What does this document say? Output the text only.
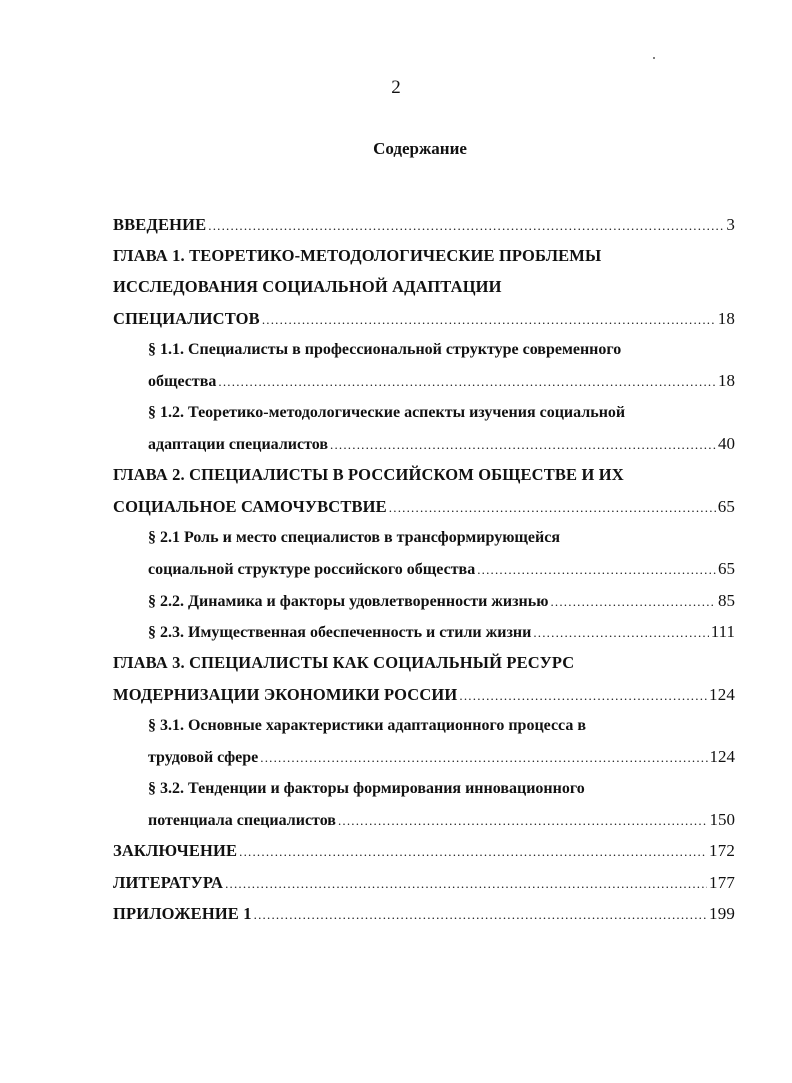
2
Содержание
ВВЕДЕНИЕ .....	3
ГЛАВА 1. ТЕОРЕТИКО-МЕТОДОЛОГИЧЕСКИЕ ПРОБЛЕМЫ
ИССЛЕДОВАНИЯ СОЦИАЛЬНОЙ АДАПТАЦИИ
СПЕЦИАЛИСТОВ .....	18
§ 1.1. Специалисты в профессиональной структуре современного
общества .....	18
§ 1.2. Теоретико-методологические аспекты изучения социальной
адаптации специалистов .....	40
ГЛАВА 2. СПЕЦИАЛИСТЫ В РОССИЙСКОМ ОБЩЕСТВЕ И ИХ
СОЦИАЛЬНОЕ САМОЧУВСТВИЕ .....	65
§ 2.1 Роль и место специалистов в трансформирующейся
социальной структуре российского общества .....	65
§ 2.2. Динамика и факторы удовлетворенности жизнью .....	85
§ 2.3. Имущественная обеспеченность и стили жизни .....	111
ГЛАВА 3. СПЕЦИАЛИСТЫ КАК СОЦИАЛЬНЫЙ РЕСУРС
МОДЕРНИЗАЦИИ ЭКОНОМИКИ РОССИИ .....	124
§ 3.1. Основные характеристики адаптационного процесса в
трудовой сфере .....	124
§ 3.2. Тенденции и факторы формирования инновационного
потенциала специалистов .....	150
ЗАКЛЮЧЕНИЕ .....	172
ЛИТЕРАТУРА .....	177
ПРИЛОЖЕНИЕ 1 .....	199
